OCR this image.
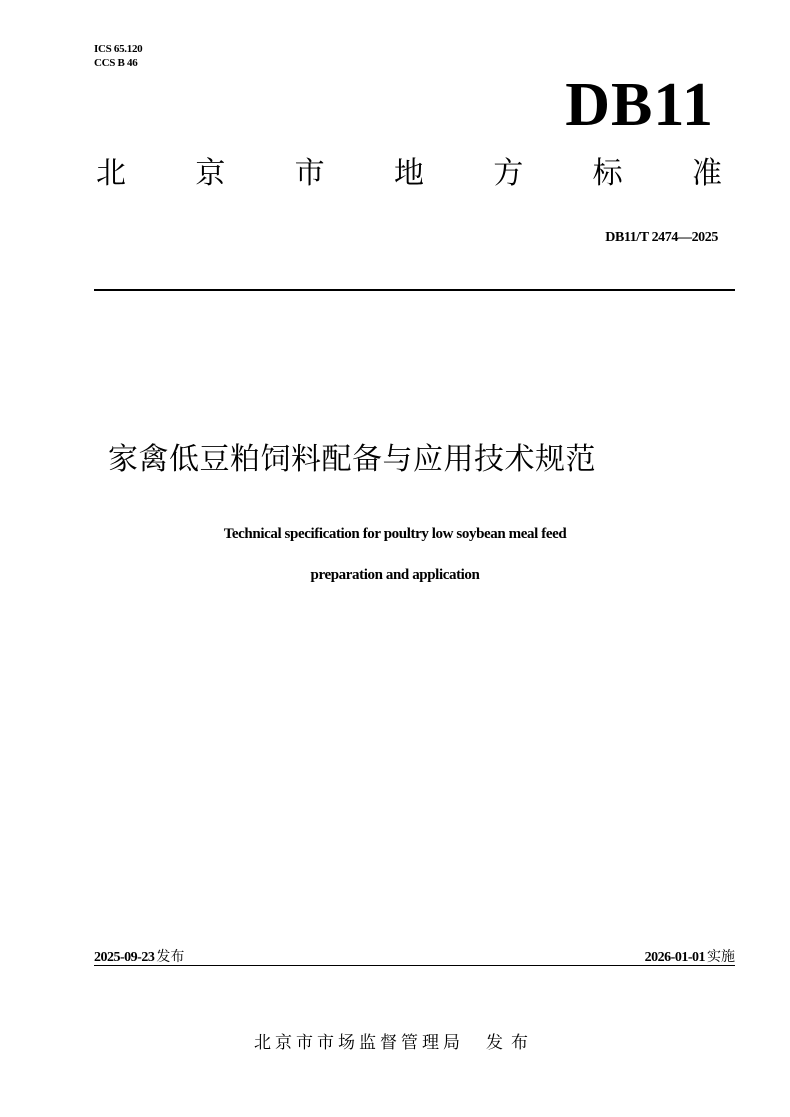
ICS 65.120
CCS B 46
DB11
北 京 市 地 方 标 准
DB11/T 2474—2025
家禽低豆粕饲料配备与应用技术规范
Technical specification for poultry low soybean meal feed
preparation and application
2025-09-23 发布	2026-01-01 实施
北京市市场监督管理局 发布
